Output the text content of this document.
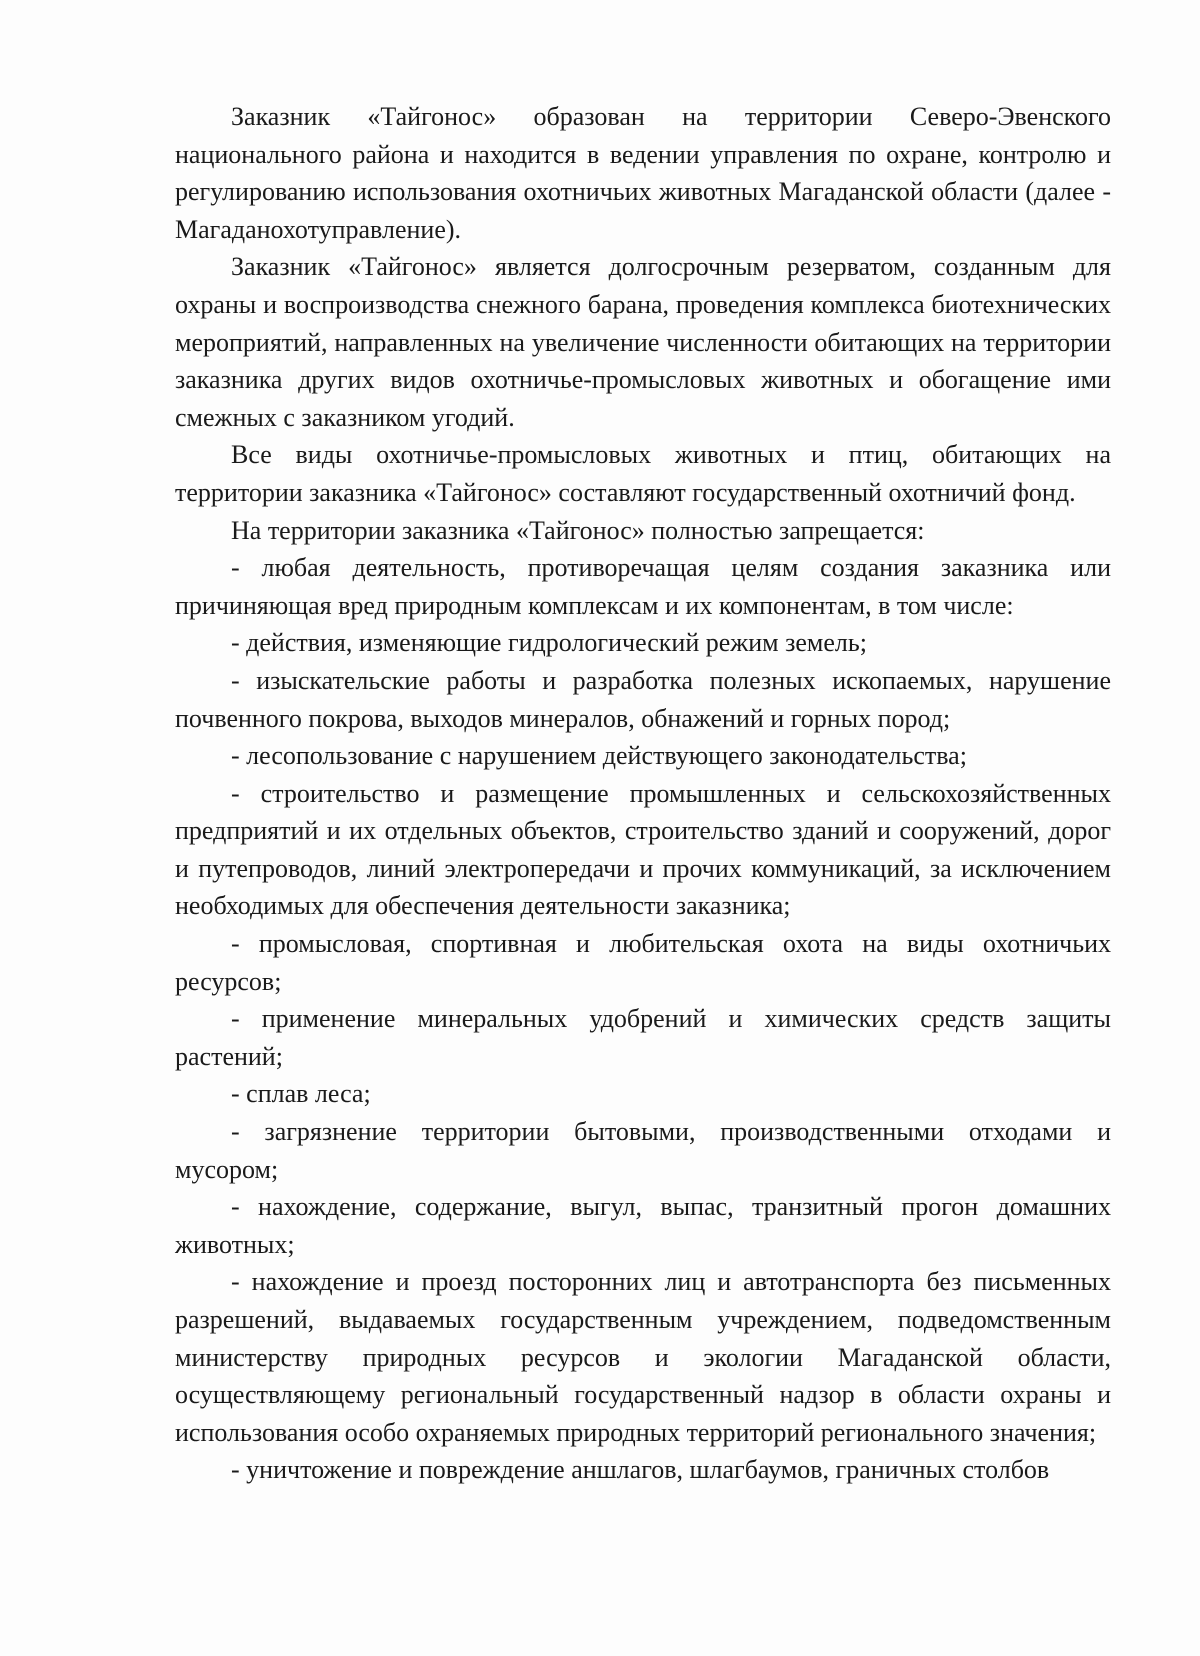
Заказник «Тайгонос» образован на территории Северо-Эвенского национального района и находится в ведении управления по охране, контролю и регулированию использования охотничьих животных Магаданской области (далее - Магаданохотуправление).

Заказник «Тайгонос» является долгосрочным резерватом, созданным для охраны и воспроизводства снежного барана, проведения комплекса биотехнических мероприятий, направленных на увеличение численности обитающих на территории заказника других видов охотничье-промысловых животных и обогащение ими смежных с заказником угодий.

Все виды охотничье-промысловых животных и птиц, обитающих на территории заказника «Тайгонос» составляют государственный охотничий фонд.

На территории заказника «Тайгонос» полностью запрещается:

- любая деятельность, противоречащая целям создания заказника или причиняющая вред природным комплексам и их компонентам, в том числе:

- действия, изменяющие гидрологический режим земель;

- изыскательские работы и разработка полезных ископаемых, нарушение почвенного покрова, выходов минералов, обнажений и горных пород;

- лесопользование с нарушением действующего законодательства;

- строительство и размещение промышленных и сельскохозяйственных предприятий и их отдельных объектов, строительство зданий и сооружений, дорог и путепроводов, линий электропередачи и прочих коммуникаций, за исключением необходимых для обеспечения деятельности заказника;

- промысловая, спортивная и любительская охота на виды охотничьих ресурсов;

- применение минеральных удобрений и химических средств защиты растений;

- сплав леса;

- загрязнение территории бытовыми, производственными отходами и мусором;

- нахождение, содержание, выгул, выпас, транзитный прогон домашних животных;

- нахождение и проезд посторонних лиц и автотранспорта без письменных разрешений, выдаваемых государственным учреждением, подведомственным министерству природных ресурсов и экологии Магаданской области, осуществляющему региональный государственный надзор в области охраны и использования особо охраняемых природных территорий регионального значения;

- уничтожение и повреждение аншлагов, шлагбаумов, граничных столбов
